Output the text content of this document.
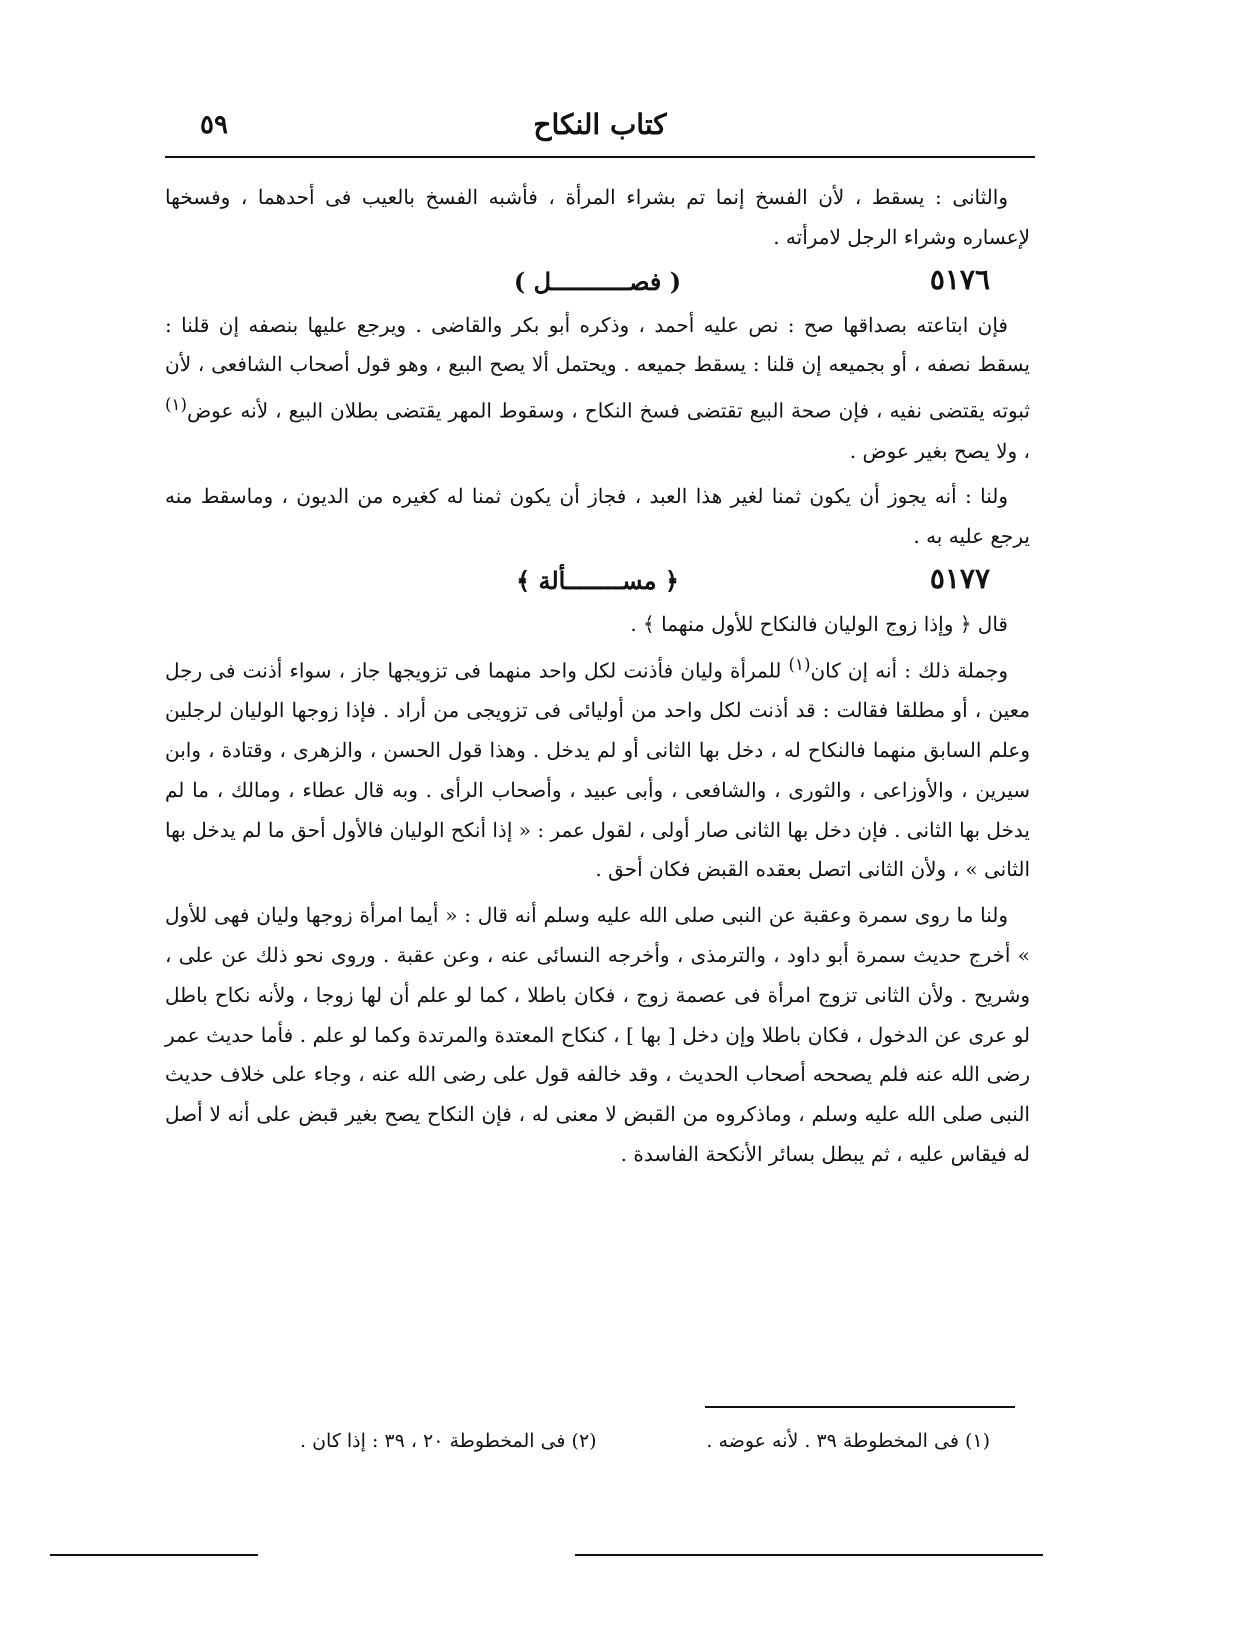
كتاب النكاح
٥٩

والثانى : يسقط ، لأن الفسخ إنما تم بشراء المرأة ، فأشبه الفسخ بالعيب فى أحدهما ، وفسخها لإعساره وشراء الرجل لامرأته .

٥١٧٦
( فصـــــــــــل )

فإن ابتاعته بصداقها صح : نص عليه أحمد ، وذكره أبو بكر والقاضى . ويرجع عليها بنصفه إن قلنا : يسقط نصفه ، أو بجميعه إن قلنا : يسقط جميعه . ويحتمل ألا يصح البيع ، وهو قول أصحاب الشافعى ، لأن ثبوته يقتضى نفيه ، فإن صحة البيع تقتضى فسخ النكاح ، وسقوط المهر يقتضى بطلان البيع ، لأنه عوض$^{(١)}$ ، ولا يصح بغير عوض .

ولنا : أنه يجوز أن يكون ثمنا لغير هذا العبد ، فجاز أن يكون ثمنا له كغيره من الديون ، وماسقط منه يرجع عليه به .

٥١٧٧
﴿ مســــــــألة ﴾

قال ﴿ وإذا زوج الوليان فالنكاح للأول منهما ﴾ .

وجملة ذلك : أنه إن كان$^{(١)}$ للمرأة وليان فأذنت لكل واحد منهما فى تزويجها جاز ، سواء أذنت فى رجل معين ، أو مطلقا فقالت : قد أذنت لكل واحد من أوليائى فى تزويجى من أراد . فإذا زوجها الوليان لرجلين وعلم السابق منهما فالنكاح له ، دخل بها الثانى أو لم يدخل . وهذا قول الحسن ، والزهرى ، وقتادة ، وابن سيرين ، والأوزاعى ، والثورى ، والشافعى ، وأبى عبيد ، وأصحاب الرأى . وبه قال عطاء ، ومالك ، ما لم يدخل بها الثانى . فإن دخل بها الثانى صار أولى ، لقول عمر : « إذا أنكح الوليان فالأول أحق ما لم يدخل بها الثانى » ، ولأن الثانى اتصل بعقده القبض فكان أحق .

ولنا ما روى سمرة وعقبة عن النبى صلى الله عليه وسلم أنه قال : « أيما امرأة زوجها وليان فهى للأول » أخرج حديث سمرة أبو داود ، والترمذى ، وأخرجه النسائى عنه ، وعن عقبة . وروى نحو ذلك عن على ، وشريح . ولأن الثانى تزوج امرأة فى عصمة زوج ، فكان باطلا ، كما لو علم أن لها زوجا ، ولأنه نكاح باطل لو عرى عن الدخول ، فكان باطلا وإن دخل [ بها ] ، كنكاح المعتدة والمرتدة وكما لو علم . فأما حديث عمر رضى الله عنه فلم يصححه أصحاب الحديث ، وقد خالفه قول على رضى الله عنه ، وجاء على خلاف حديث النبى صلى الله عليه وسلم ، وماذكروه من القبض لا معنى له ، فإن النكاح يصح بغير قبض على أنه لا أصل له فيقاس عليه ، ثم يبطل بسائر الأنكحة الفاسدة .

(١) فى المخطوطة ٣٩ . لأنه عوضه .
(٢) فى المخطوطة ٢٠ ، ٣٩ : إذا كان .
